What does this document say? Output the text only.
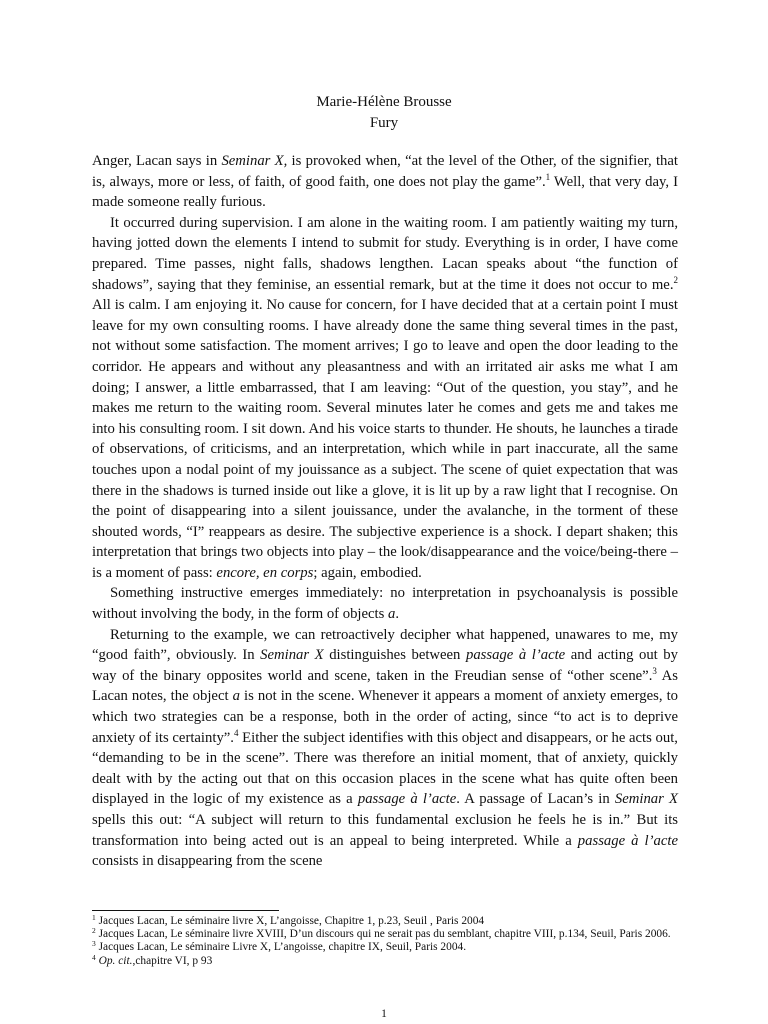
Marie-Hélène Brousse
Fury

Anger, Lacan says in Seminar X, is provoked when, “at the level of the Other, of the signifier, that is, always, more or less, of faith, of good faith, one does not play the game”.$^1$ Well, that very day, I made someone really furious.

It occurred during supervision. I am alone in the waiting room. I am patiently waiting my turn, having jotted down the elements I intend to submit for study. Everything is in order, I have come prepared. Time passes, night falls, shadows lengthen. Lacan speaks about “the function of shadows”, saying that they feminise, an essential remark, but at the time it does not occur to me.$^2$ All is calm. I am enjoying it. No cause for concern, for I have decided that at a certain point I must leave for my own consulting rooms. I have already done the same thing several times in the past, not without some satisfaction. The moment arrives; I go to leave and open the door leading to the corridor. He appears and without any pleasantness and with an irritated air asks me what I am doing; I answer, a little embarrassed, that I am leaving: “Out of the question, you stay”, and he makes me return to the waiting room. Several minutes later he comes and gets me and takes me into his consulting room. I sit down. And his voice starts to thunder. He shouts, he launches a tirade of observations, of criticisms, and an interpretation, which while in part inaccurate, all the same touches upon a nodal point of my jouissance as a subject. The scene of quiet expectation that was there in the shadows is turned inside out like a glove, it is lit up by a raw light that I recognise. On the point of disappearing into a silent jouissance, under the avalanche, in the torment of these shouted words, “I” reappears as desire. The subjective experience is a shock. I depart shaken; this interpretation that brings two objects into play – the look/disappearance and the voice/being-there – is a moment of pass: encore, en corps; again, embodied.

Something instructive emerges immediately: no interpretation in psychoanalysis is possible without involving the body, in the form of objects a.

Returning to the example, we can retroactively decipher what happened, unawares to me, my “good faith”, obviously. In Seminar X distinguishes between passage à l’acte and acting out by way of the binary opposites world and scene, taken in the Freudian sense of “other scene”.$^3$ As Lacan notes, the object a is not in the scene. Whenever it appears a moment of anxiety emerges, to which two strategies can be a response, both in the order of acting, since “to act is to deprive anxiety of its certainty”.$^4$ Either the subject identifies with this object and disappears, or he acts out, “demanding to be in the scene”. There was therefore an initial moment, that of anxiety, quickly dealt with by the acting out that on this occasion places in the scene what has quite often been displayed in the logic of my existence as a passage à l’acte. A passage of Lacan’s in Seminar X spells this out: “A subject will return to this fundamental exclusion he feels he is in.” But its transformation into being acted out is an appeal to being interpreted. While a passage à l’acte consists in disappearing from the scene

$^1$ Jacques Lacan, Le séminaire livre X, L’angoisse, Chapitre 1, p.23, Seuil , Paris 2004
$^2$ Jacques Lacan, Le séminaire livre XVIII, D’un discours qui ne serait pas du semblant, chapitre VIII, p.134, Seuil, Paris 2006.
$^3$ Jacques Lacan, Le séminaire Livre X, L’angoisse, chapitre IX, Seuil, Paris 2004.
$^4$ Op. cit.,chapitre VI, p 93
1
